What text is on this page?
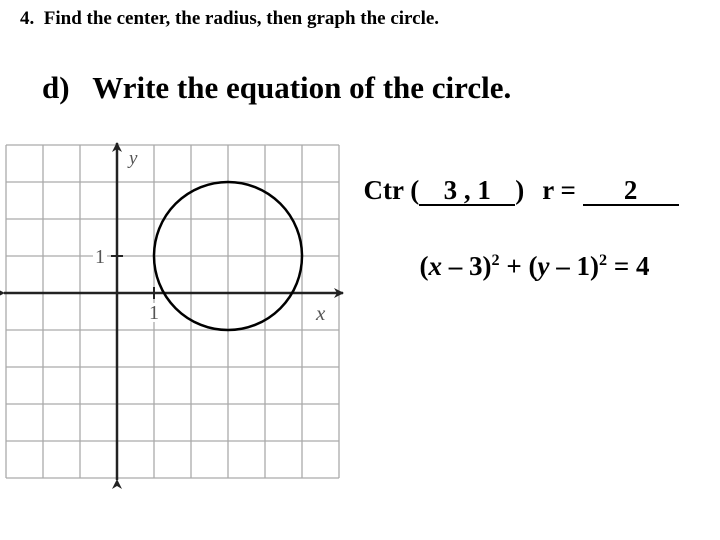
4.  Find the center, the radius, then graph the circle.
d)   Write the equation of the circle.
y
x
1
1

Ctr ( 3 , 1 ) r = 2

(x – 3)$^2$ + (y – 1)$^2$ = 4
